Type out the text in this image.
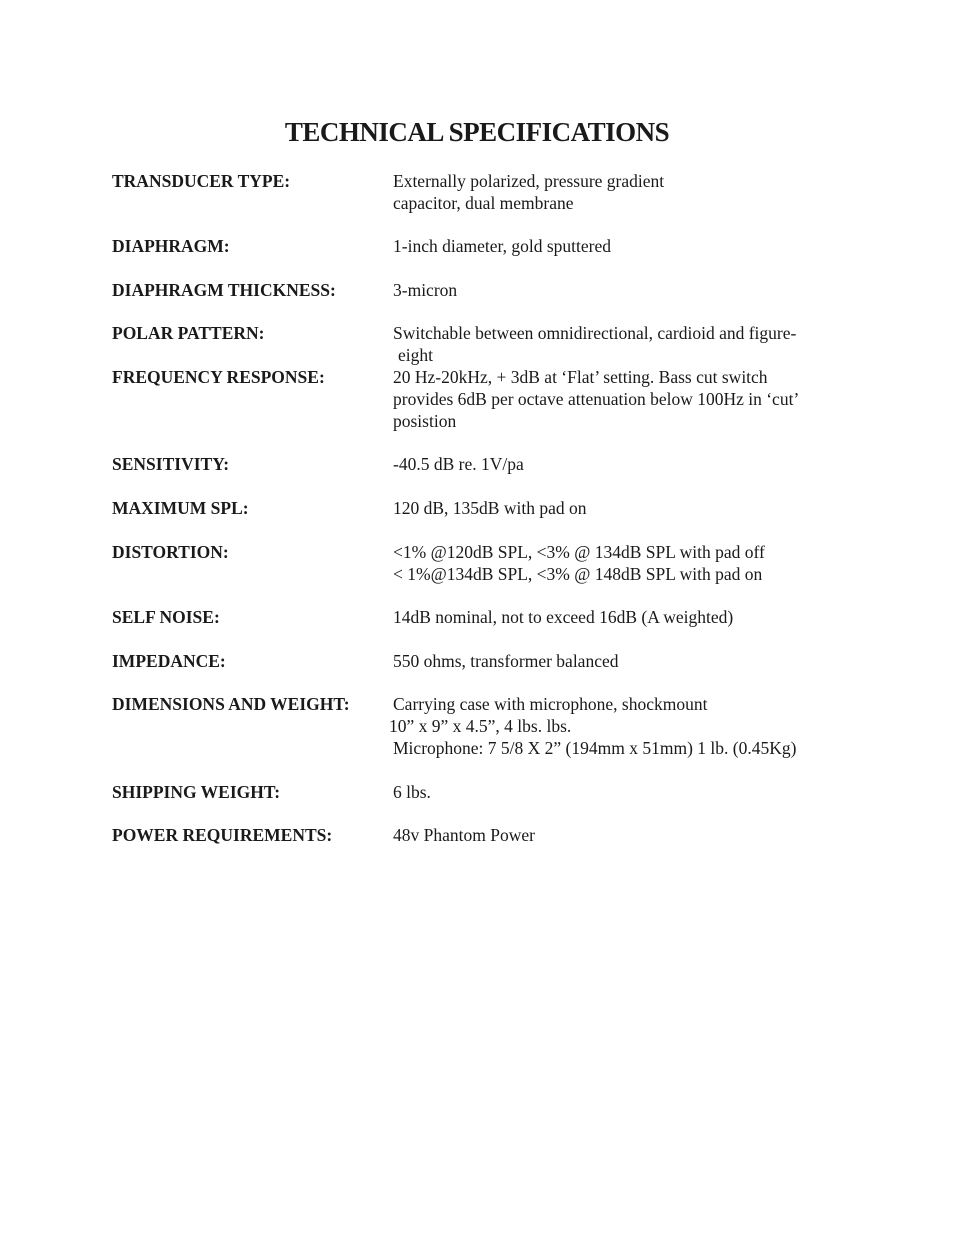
TECHNICAL SPECIFICATIONS
TRANSDUCER TYPE:	Externally polarized, pressure gradient
capacitor, dual membrane
DIAPHRAGM:	1-inch diameter, gold sputtered
DIAPHRAGM THICKNESS:	3-micron
POLAR PATTERN:	Switchable between omnidirectional, cardioid and figure-
eight
FREQUENCY RESPONSE:	20 Hz-20kHz, + 3dB at ‘Flat’ setting. Bass cut switch
provides 6dB per octave attenuation below 100Hz in ‘cut’
posistion
SENSITIVITY:	-40.5 dB re. 1V/pa
MAXIMUM SPL:	120 dB, 135dB with pad on
DISTORTION:	<1% @120dB SPL, <3% @ 134dB SPL with pad off
< 1%@134dB SPL, <3% @ 148dB SPL with pad on
SELF NOISE:	14dB nominal, not to exceed 16dB (A weighted)
IMPEDANCE:	550 ohms, transformer balanced
DIMENSIONS AND WEIGHT: Carrying case with microphone, shockmount
10” x 9” x 4.5”, 4 lbs. lbs.
Microphone: 7 5/8 X 2” (194mm x 51mm) 1 lb. (0.45Kg)
SHIPPING WEIGHT:	6 lbs.
POWER REQUIREMENTS:	48v Phantom Power
